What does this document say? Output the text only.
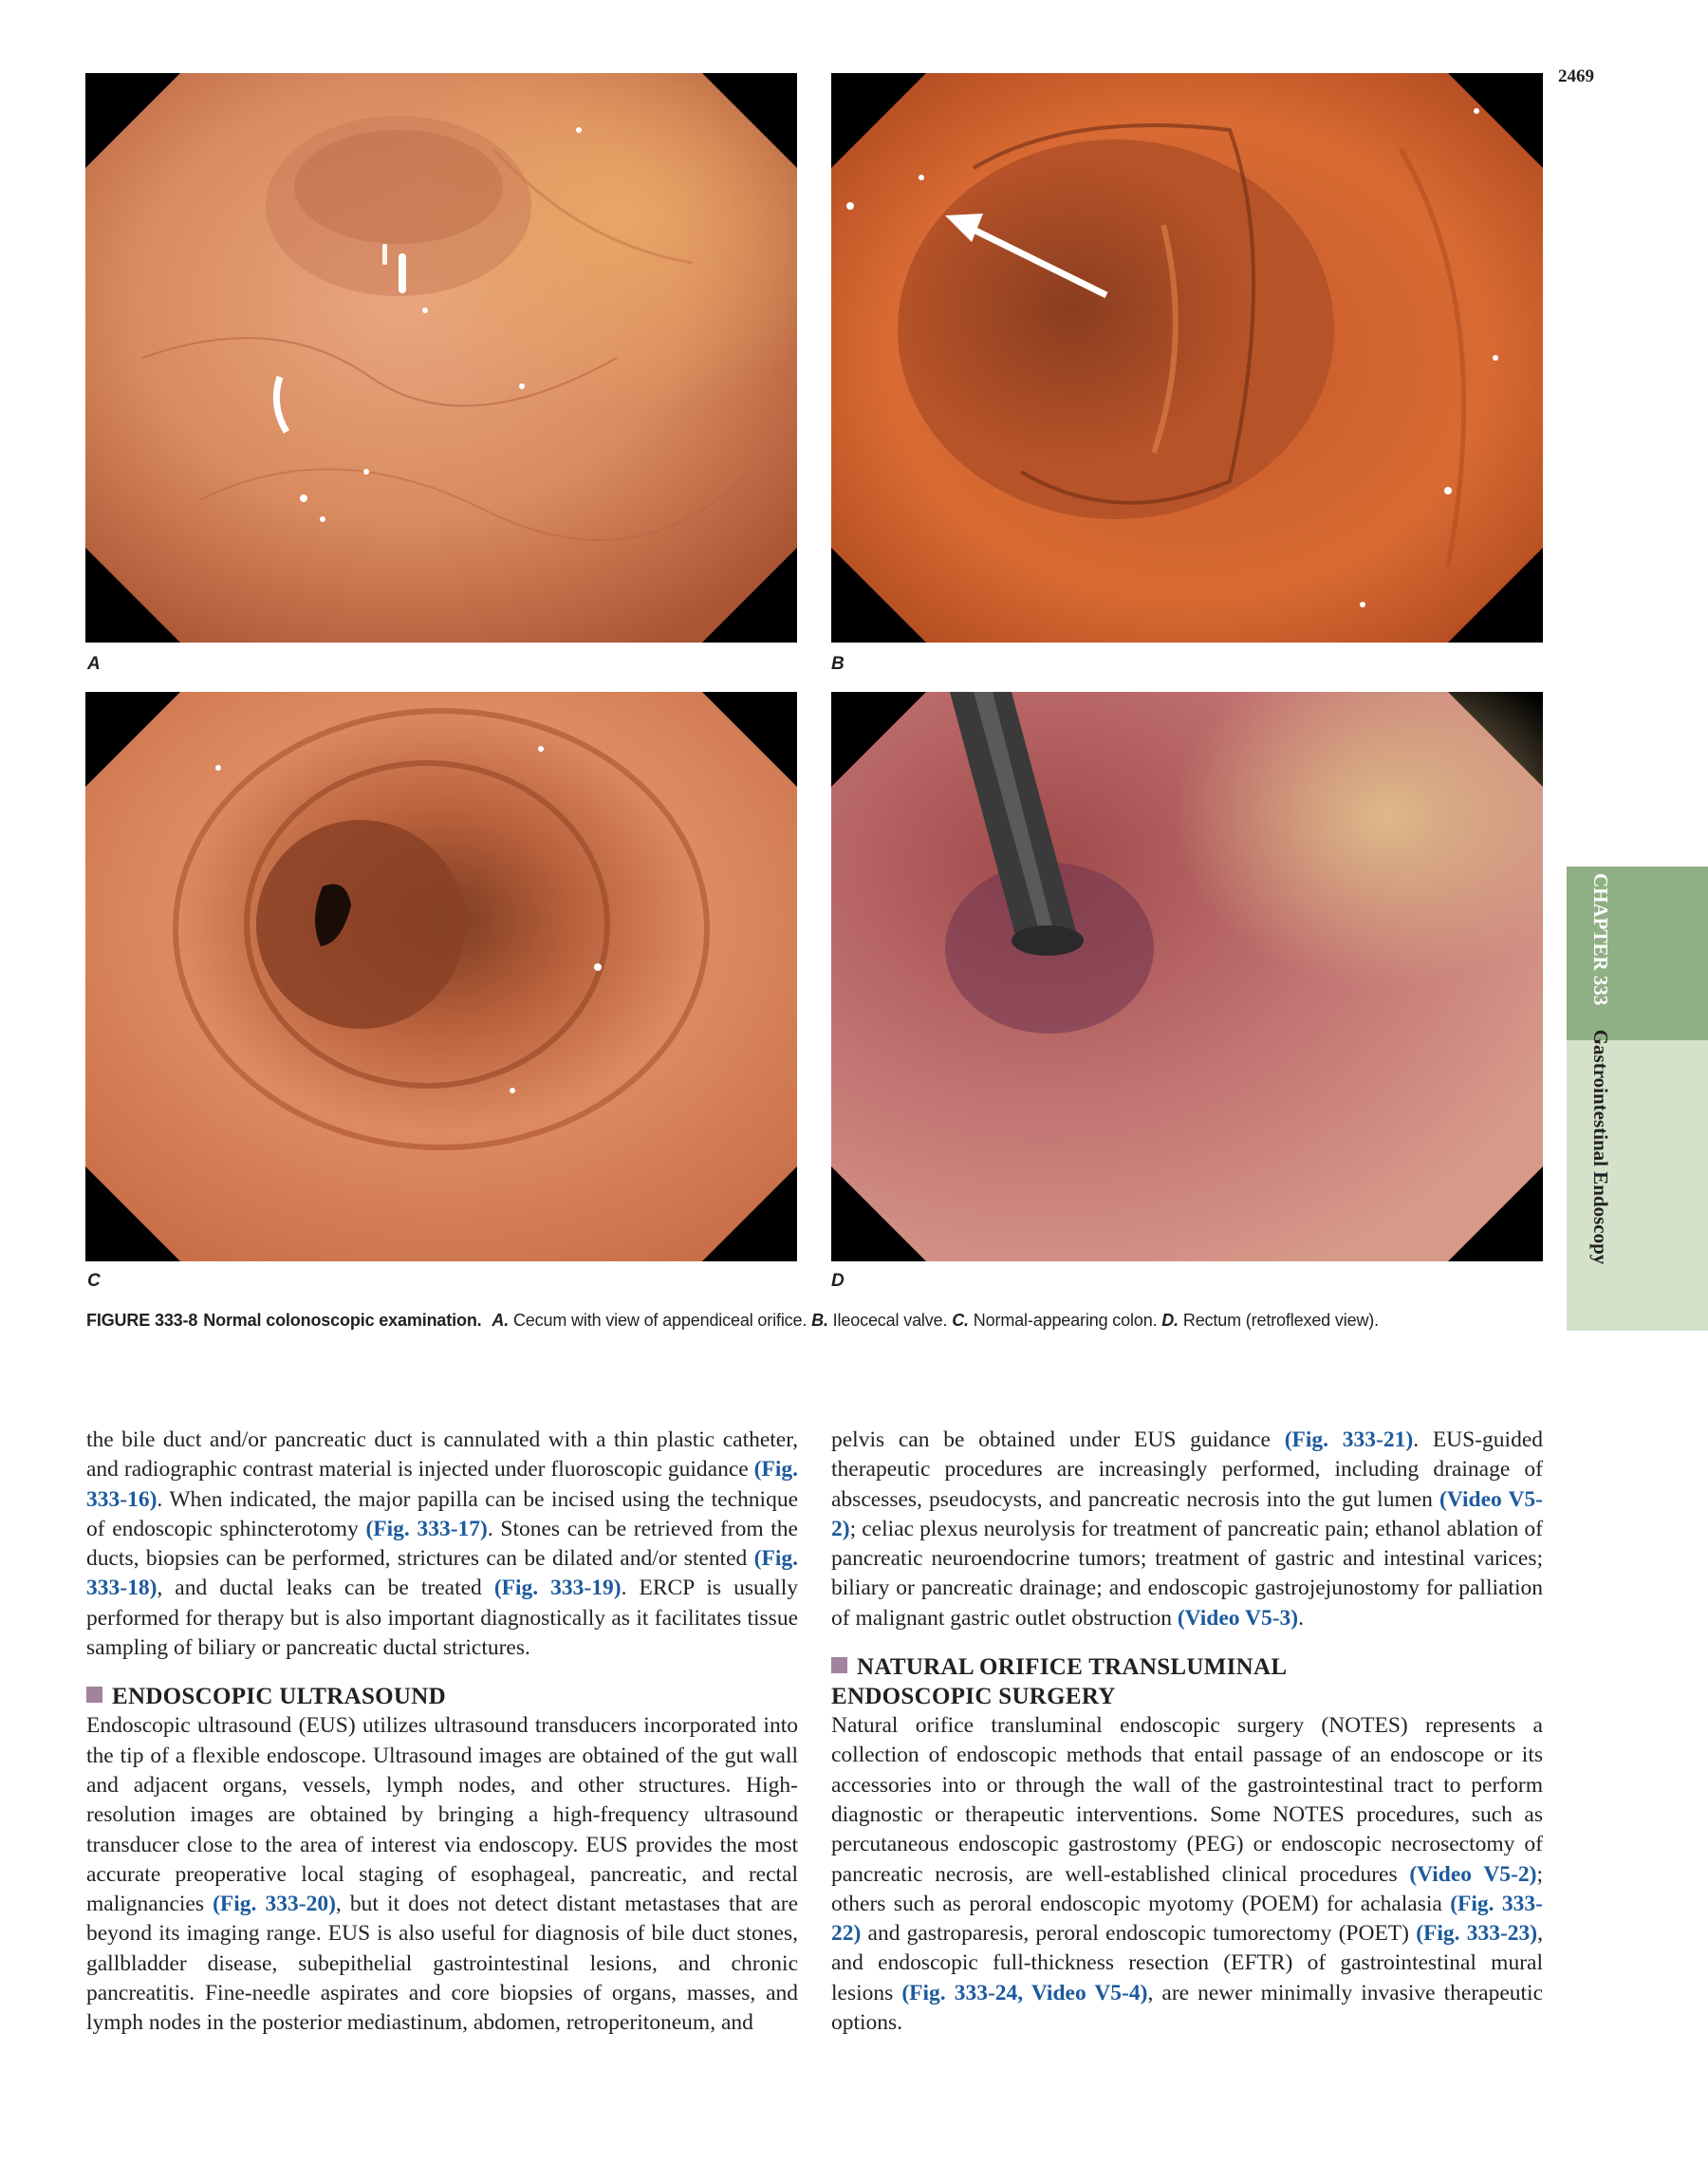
2469
A	B
C	D
FIGURE 333-8 Normal colonoscopic examination. A. Cecum with view of appendiceal orifice. B. Ileocecal valve. C. Normal-appearing colon. D. Rectum (retroflexed view).
CHAPTER 333 Gastrointestinal Endoscopy

the bile duct and/or pancreatic duct is cannulated with a thin plastic catheter, and radiographic contrast material is injected under fluoroscopic guidance (Fig. 333-16). When indicated, the major papilla can be incised using the technique of endoscopic sphincterotomy (Fig. 333-17). Stones can be retrieved from the ducts, biopsies can be performed, strictures can be dilated and/or stented (Fig. 333-18), and ductal leaks can be treated (Fig. 333-19). ERCP is usually performed for therapy but is also important diagnostically as it facilitates tissue sampling of biliary or pancreatic ductal strictures.

ENDOSCOPIC ULTRASOUND

Endoscopic ultrasound (EUS) utilizes ultrasound transducers incorporated into the tip of a flexible endoscope. Ultrasound images are obtained of the gut wall and adjacent organs, vessels, lymph nodes, and other structures. High-resolution images are obtained by bringing a high-frequency ultrasound transducer close to the area of interest via endoscopy. EUS provides the most accurate preoperative local staging of esophageal, pancreatic, and rectal malignancies (Fig. 333-20), but it does not detect distant metastases that are beyond its imaging range. EUS is also useful for diagnosis of bile duct stones, gallbladder disease, subepithelial gastrointestinal lesions, and chronic pancreatitis. Fine-needle aspirates and core biopsies of organs, masses, and lymph nodes in the posterior mediastinum, abdomen, retroperitoneum, and

pelvis can be obtained under EUS guidance (Fig. 333-21). EUS-guided therapeutic procedures are increasingly performed, including drainage of abscesses, pseudocysts, and pancreatic necrosis into the gut lumen (Video V5-2); celiac plexus neurolysis for treatment of pancreatic pain; ethanol ablation of pancreatic neuroendocrine tumors; treatment of gastric and intestinal varices; biliary or pancreatic drainage; and endoscopic gastrojejunostomy for palliation of malignant gastric outlet obstruction (Video V5-3).

NATURAL ORIFICE TRANSLUMINAL
ENDOSCOPIC SURGERY

Natural orifice transluminal endoscopic surgery (NOTES) represents a collection of endoscopic methods that entail passage of an endoscope or its accessories into or through the wall of the gastrointestinal tract to perform diagnostic or therapeutic interventions. Some NOTES procedures, such as percutaneous endoscopic gastrostomy (PEG) or endoscopic necrosectomy of pancreatic necrosis, are well-established clinical procedures (Video V5-2); others such as peroral endoscopic myotomy (POEM) for achalasia (Fig. 333-22) and gastroparesis, peroral endoscopic tumorectomy (POET) (Fig. 333-23), and endoscopic full-thickness resection (EFTR) of gastrointestinal mural lesions (Fig. 333-24, Video V5-4), are newer minimally invasive therapeutic options.
